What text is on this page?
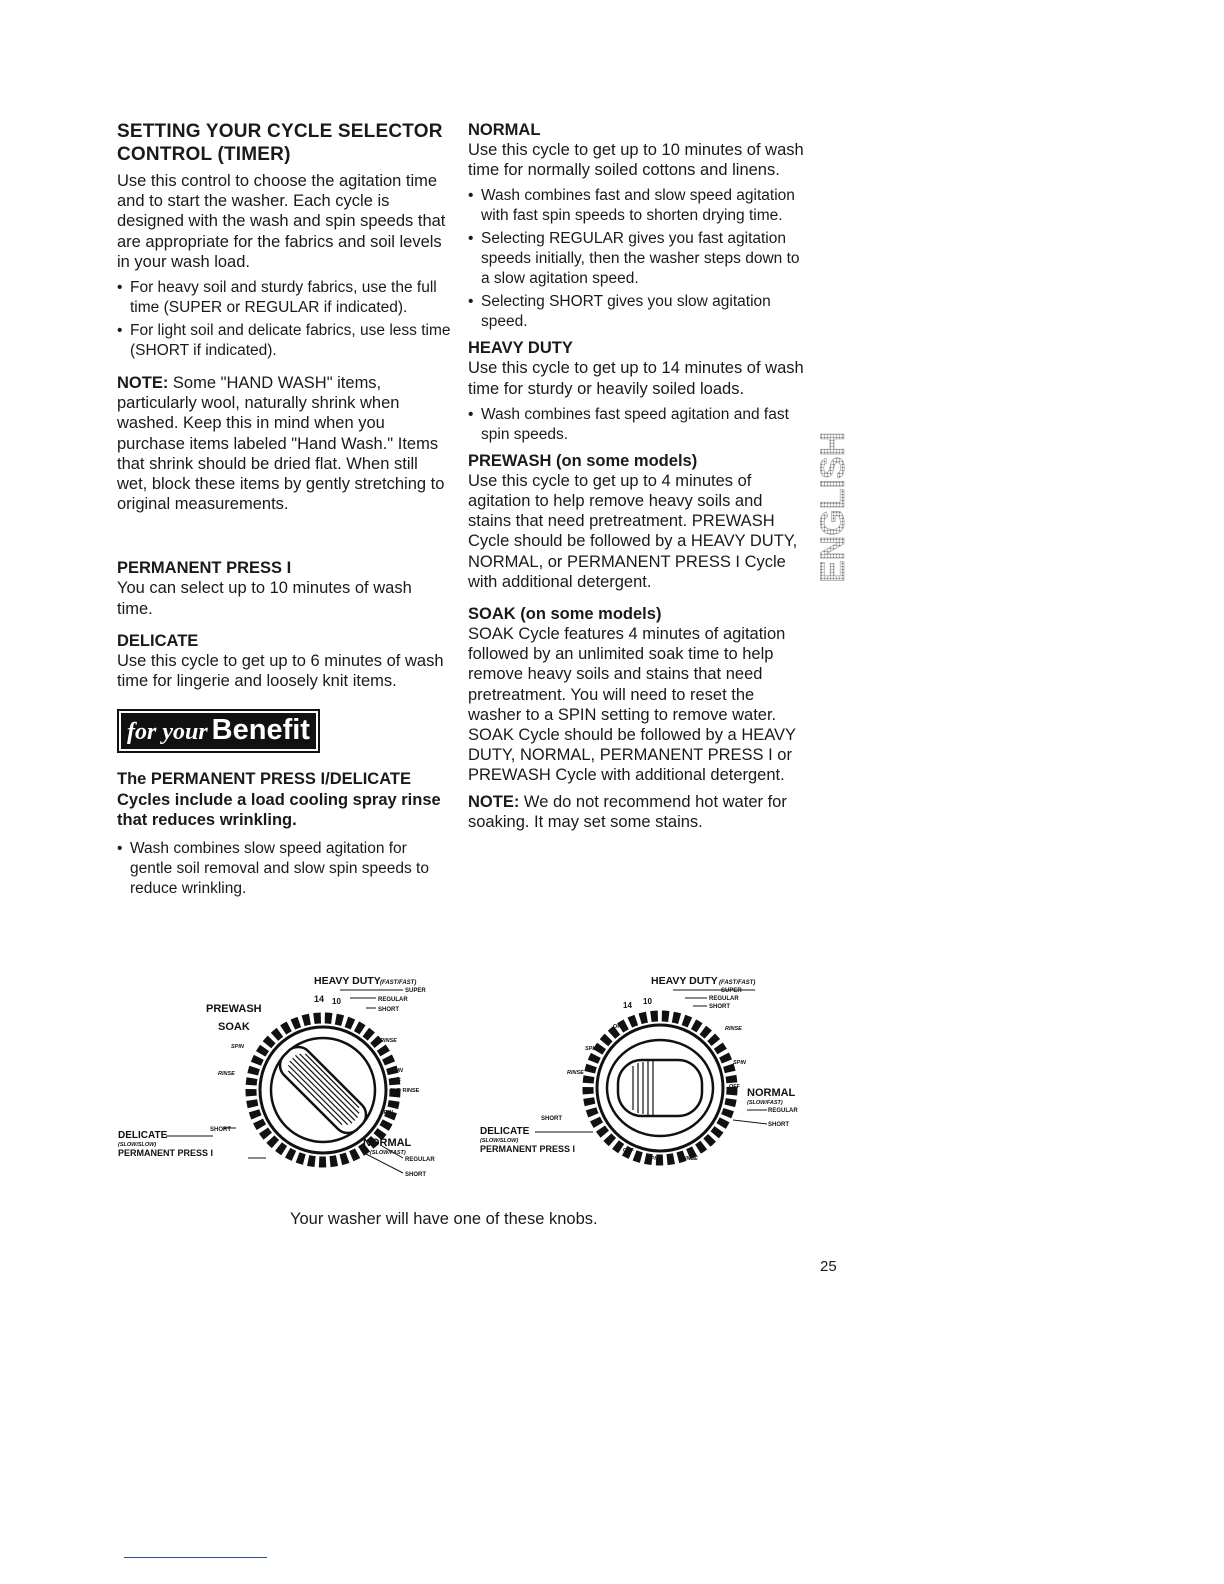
SETTING YOUR CYCLE SELECTOR CONTROL (TIMER)

Use this control to choose the agitation time and to start the washer. Each cycle is designed with the wash and spin speeds that are appropriate for the fabrics and soil levels in your wash load.

• For heavy soil and sturdy fabrics, use the full time (SUPER or REGULAR if indicated).
• For light soil and delicate fabrics, use less time (SHORT if indicated).

NOTE: Some "HAND WASH" items, particularly wool, naturally shrink when washed. Keep this in mind when you purchase items labeled "Hand Wash." Items that shrink should be dried flat. When still wet, block these items by gently stretching to original measurements.

PERMANENT PRESS I

You can select up to 10 minutes of wash time.

DELICATE

Use this cycle to get up to 6 minutes of wash time for lingerie and loosely knit items.

for your Benefit

The PERMANENT PRESS I/DELICATE Cycles include a load cooling spray rinse that reduces wrinkling.

• Wash combines slow speed agitation for gentle soil removal and slow spin speeds to reduce wrinkling.
NORMAL

Use this cycle to get up to 10 minutes of wash time for normally soiled cottons and linens.

• Wash combines fast and slow speed agitation with fast spin speeds to shorten drying time.
• Selecting REGULAR gives you fast agitation speeds initially, then the washer steps down to a slow agitation speed.
• Selecting SHORT gives you slow agitation speed.
HEAVY DUTY

Use this cycle to get up to 14 minutes of wash time for sturdy or heavily soiled loads.

• Wash combines fast speed agitation and fast spin speeds.
PREWASH (on some models)

Use this cycle to get up to 4 minutes of agitation to help remove heavy soils and stains that need pretreatment. PREWASH Cycle should be followed by a HEAVY DUTY, NORMAL, or PERMANENT PRESS I Cycle with additional detergent.

SOAK (on some models)

SOAK Cycle features 4 minutes of agitation followed by an unlimited soak time to help remove heavy soils and stains that need pretreatment. You will need to reset the washer to a SPIN setting to remove water. SOAK Cycle should be followed by a HEAVY DUTY, NORMAL, PERMANENT PRESS I or PREWASH Cycle with additional detergent.

NOTE: We do not recommend hot water for soaking. It may set some stains.

ENGLISH
HEAVY DUTY (FAST/FAST)
SUPER
REGULAR
SHORT
14 10
PREWASH
SOAK
SPIN
RINSE
RINSE
SPIN
OFF
2ND RINSE
SPIN
SHORT
DELICATE
(SLOW/SLOW)
PERMANENT PRESS I
NORMAL
(SLOW/FAST)
REGULAR
SHORT
HEAVY DUTY (FAST/FAST)
SUPER
REGULAR
SHORT
14 10
OFF	RINSE
SPIN
SPIN
RINSE
OFF NORMAL
(SLOW/FAST)
REGULAR
SHORT
SHORT
DELICATE
(SLOW/SLOW)
PERMANENT PRESS I	OFF
SPIN	RINSE
Your washer will have one of these knobs.
25
